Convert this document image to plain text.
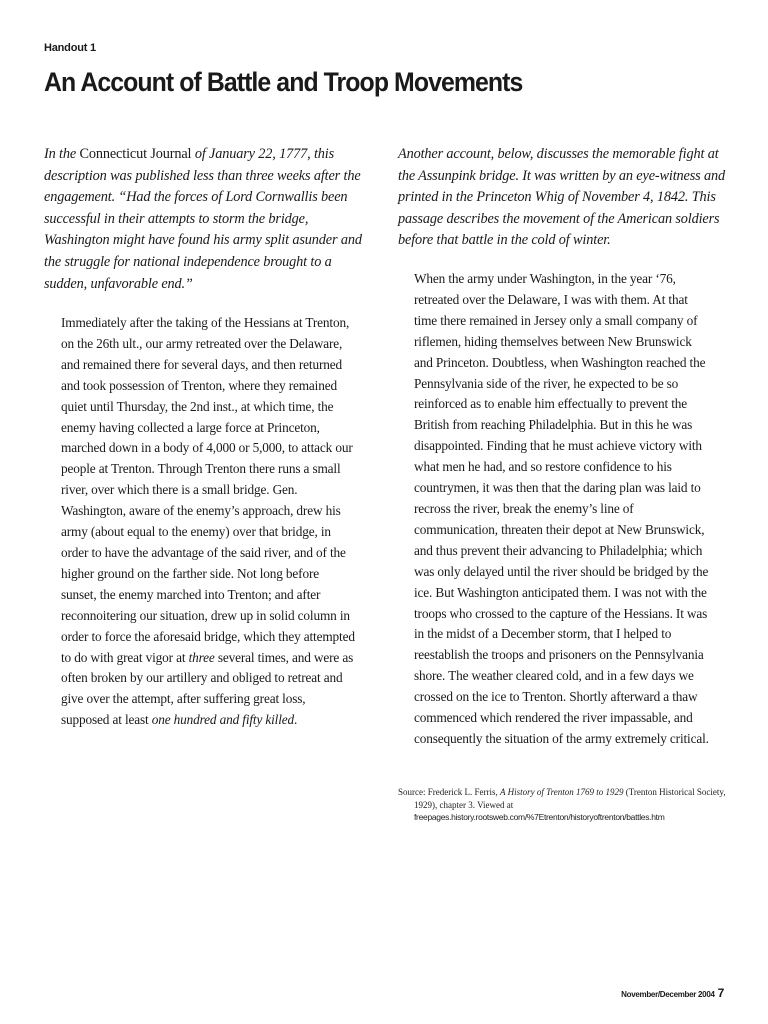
Handout 1
An Account of Battle and Troop Movements

In the Connecticut Journal of January 22, 1777, this description was published less than three weeks after the engagement. “Had the forces of Lord Cornwallis been successful in their attempts to storm the bridge, Washington might have found his army split asunder and the struggle for national independence brought to a sudden, unfavorable end.”

Immediately after the taking of the Hessians at Trenton, on the 26th ult., our army retreated over the Delaware, and remained there for several days, and then returned and took possession of Trenton, where they remained quiet until Thursday, the 2nd inst., at which time, the enemy having collected a large force at Princeton, marched down in a body of 4,000 or 5,000, to attack our people at Trenton. Through Trenton there runs a small river, over which there is a small bridge. Gen. Washington, aware of the enemy’s approach, drew his army (about equal to the enemy) over that bridge, in order to have the advantage of the said river, and of the higher ground on the farther side. Not long before sunset, the enemy marched into Trenton; and after reconnoitering our situation, drew up in solid column in order to force the aforesaid bridge, which they attempted to do with great vigor at three several times, and were as often broken by our artillery and obliged to retreat and give over the attempt, after suffering great loss, supposed at least one hundred and fifty killed.

Another account, below, discusses the memorable fight at the Assunpink bridge. It was written by an eye-witness and printed in the Princeton Whig of November 4, 1842. This passage describes the movement of the American soldiers before that battle in the cold of winter.

When the army under Washington, in the year ‘76, retreated over the Delaware, I was with them. At that time there remained in Jersey only a small company of riflemen, hiding themselves between New Brunswick and Princeton. Doubtless, when Washington reached the Pennsylvania side of the river, he expected to be so reinforced as to enable him effectually to prevent the British from reaching Philadelphia. But in this he was disappointed. Finding that he must achieve victory with what men he had, and so restore confidence to his countrymen, it was then that the daring plan was laid to recross the river, break the enemy’s line of communication, threaten their depot at New Brunswick, and thus prevent their advancing to Philadelphia; which was only delayed until the river should be bridged by the ice. But Washington anticipated them. I was not with the troops who crossed to the capture of the Hessians. It was in the midst of a December storm, that I helped to reestablish the troops and prisoners on the Pennsylvania shore. The weather cleared cold, and in a few days we crossed on the ice to Trenton. Shortly afterward a thaw commenced which rendered the river impassable, and consequently the situation of the army extremely critical.

Source: Frederick L. Ferris, A History of Trenton 1769 to 1929 (Trenton Historical Society, 1929), chapter 3. Viewed at freepages.history.rootsweb.com/%7Etrenton/historyoftrenton/battles.htm

November/December 2004 7
